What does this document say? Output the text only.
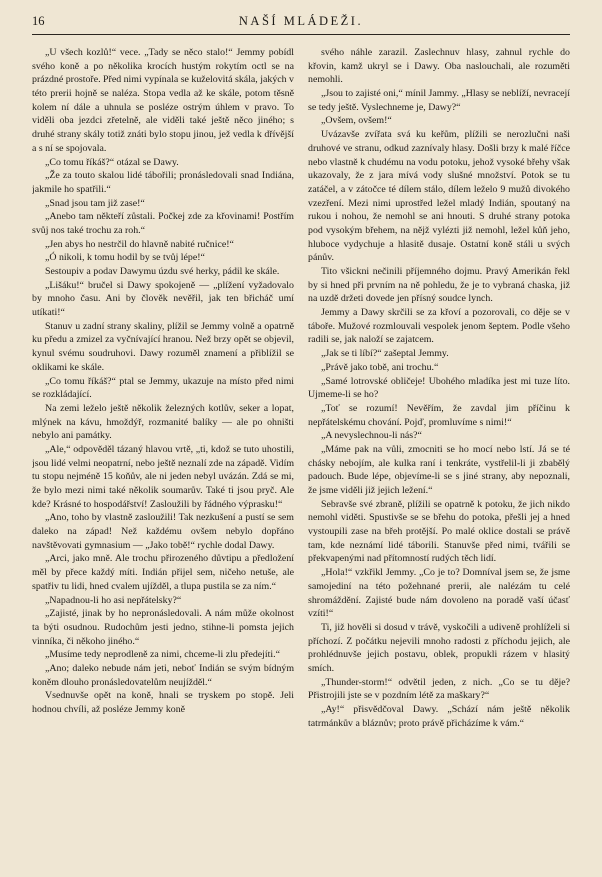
16	NAŠÍ MLÁDEŽI.

„U všech kozlů!“ vece. „Tady se něco stalo!“ Jemmy pobídl svého koně a po několika krocích hustým rokytím octl se na prázdné prostoře. Před nimi vypínala se kuželovitá skála, jakých v této prerii hojně se naléza. Stopa vedla až ke skále, potom těsně kolem ní dále a uhnula se posléze ostrým úhlem v pravo. To viděli oba jezdci zřetelně, ale viděli také ještě něco jiného; s druhé strany skály totiž znáti bylo stopu jinou, jež vedla k dřívější a s ní se spojovala.

„Co tomu říkáš?“ otázal se Dawy.

„Že za touto skalou lidé tábořili; pronásledovali snad Indiána, jakmile ho spatřili.“

„Snad jsou tam již zase!“

„Anebo tam někteří zůstali. Počkej zde za křovinami! Postřím svůj nos také trochu za roh.“

„Jen abys ho nestrčil do hlavně nabité ručnice!“

„Ó nikoli, k tomu hodil by se tvůj lépe!“

Sestoupiv a podav Dawymu úzdu své herky, pádil ke skále.

„Lišáku!“ bručel si Dawy spokojeně — „plížení vyžadovalo by mnoho času. Ani by člověk nevěřil, jak ten břicháč umí utíkati!“

Stanuv u zadní strany skaliny, plížil se Jemmy volně a opatrně ku předu a zmizel za vyčnívající hranou. Než brzy opět se objevil, kynul svému soudruhovi. Dawy rozuměl znamení a přiblížil se oklikami ke skále.

„Co tomu říkáš?“ ptal se Jemmy, ukazuje na místo před nimi se rozkládající.

Na zemi leželo ještě několik železných kotlův, seker a lopat, mlýnek na kávu, hmoždýř, rozmanité balíky — ale po ohništi nebylo ani památky.

„Ale,“ odpověděl tázaný hlavou vrtě, „ti, kdož se tuto uhostili, jsou lidé velmi neopatrní, nebo ještě neznalí zde na západě. Vidím tu stopu nejméně 15 koňův, ale ni jeden nebyl uvázán. Zdá se mi, že bylo mezi nimi také několik soumarův. Také ti jsou pryč. Ale kde? Krásné to hospodářství! Zasloužili by řádného výprasku!“

„Ano, toho by vlastně zasloužili! Tak nezkušení a pustí se sem daleko na západ! Než každému ovšem nebylo dopřáno navštěvovati gymnasium — „Jako tobě!“ rychle dodal Dawy.

„Arci, jako mně. Ale trochu přirozeného důvtipu a předložení měl by přece každý míti. Indián přijel sem, ničeho netuše, ale spatřiv tu lidi, hned cvalem ujížděl, a tlupa pustila se za ním.“

„Napadnou-li ho asi nepřátelsky?“

„Zajisté, jinak by ho nepronásledovali. A nám může okolnost ta býti osudnou. Rudochům jesti jedno, stihne-li pomsta jejich vinníka, či někoho jiného.“

„Musíme tedy neprodleně za nimi, chceme-li zlu předejíti.“

„Ano; daleko nebude nám jeti, neboť Indián se svým bídným koněm dlouho pronásledovatelům neujížděl.“

Vsednuvše opět na koně, hnali se tryskem po stopě. Jeli hodnou chvíli, až posléze Jemmy koně

svého náhle zarazil. Zaslechnuv hlasy, zahnul rychle do křovin, kamž ukryl se i Dawy. Oba naslouchali, ale rozuměti nemohli.

„Jsou to zajisté oni,“ mínil Jammy. „Hlasy se neblíží, nevracejí se tedy ještě. Vyslechneme je, Dawy?“

„Ovšem, ovšem!“

Uvázavše zvířata svá ku keřům, plížili se nerozlučni naši druhové ve stranu, odkud zaznívaly hlasy. Došli brzy k malé říčce nebo vlastně k chudému na vodu potoku, jehož vysoké břehy však ukazovaly, že z jara mívá vody slušné množství. Potok se tu zatáčel, a v zátočce té dílem stálo, dílem leželo 9 mužů divokého vzezření. Mezi nimi uprostřed ležel mladý Indián, spoutaný na rukou i nohou, že nemohl se ani hnouti. S druhé strany potoka pod vysokým břehem, na nějž vylézti již nemohl, ležel kůň jeho, hluboce vydychuje a hlasitě dusaje. Ostatní koně stáli u svých pánův.

Tito všickni nečinili příjemného dojmu. Pravý Amerikán řekl by si hned při prvním na ně pohledu, že je to vybraná chaska, již na uzdě držeti dovede jen přísný soudce lynch.

Jemmy a Dawy skrčili se za křoví a pozorovali, co děje se v táboře. Mužové rozmlouvali vespolek jenom šeptem. Podle všeho radili se, jak naloží se zajatcem.

„Jak se ti líbí?“ zašeptal Jemmy.

„Právě jako tobě, ani trochu.“

„Samé lotrovské obličeje! Ubohého mladíka jest mi tuze líto. Ujmeme-li se ho?

„Toť se rozumí! Nevěřím, že zavdal jim příčinu k nepřátelskému chování. Pojď, promluvíme s nimi!“

„A nevyslechnou-li nás?“

„Máme pak na vůli, zmocniti se ho mocí nebo lstí. Já se té chásky nebojím, ale kulka raní i tenkráte, vystřelil-li ji zbabělý padouch. Bude lépe, objevíme-li se s jiné strany, aby nepoznali, že jsme viděli již jejich ležení.“

Sebravše své zbraně, plížili se opatrně k potoku, že jich nikdo nemohl viděti. Spustivše se se břehu do potoka, přešli jej a hned vystoupili zase na břeh protější. Po malé oklice dostali se právě tam, kde neznámí lidé táborili. Stanuvše před nimi, tvářili se překvapenými nad přítomností rudých těch lidí.

„Hola!“ vzkřikl Jemmy. „Co je to? Domníval jsem se, že jsme samojediní na této požehnané prerii, ale nalézám tu celé shromáždění. Zajisté bude nám dovoleno na poradě vaší účasť vzíti!“

Ti, již hověli si dosud v trávě, vyskočili a udiveně prohlíželi si příchozí. Z počátku nejevili mnoho radosti z příchodu jejich, ale prohlédnuvše jejich postavu, oblek, propukli rázem v hlasitý smích.

„Thunder-storm!“ odvětil jeden, z nich. „Co se tu děje? Přistrojili jste se v pozdním létě za maškary?“

„Ay!“ přisvědčoval Dawy. „Schází nám ještě několik tatrmánkův a bláznův; proto právě přicházíme k vám.“
